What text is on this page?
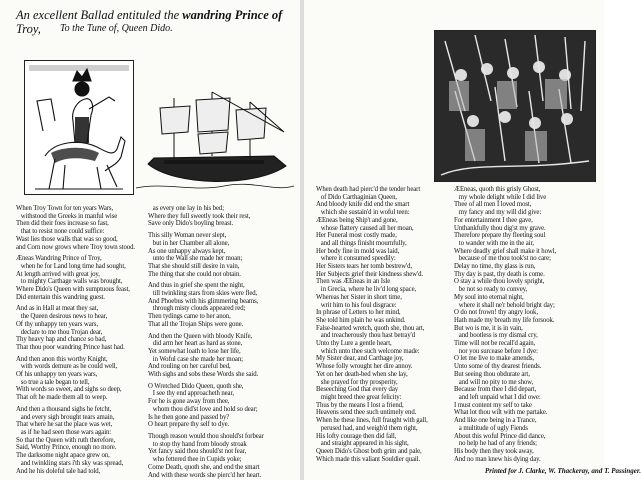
An excellent Ballad entituled the wandring Prince of Troy,	To the Tune of, Queen Dido.
When Troy Town for ten years Wars,
withstood the Greeks in manful wise
Then did their foes increase so fast,
that to resist none could suffice:
Wast lies those walls that was so good,
and Corn now grows where Troy town stood.

Æneas Wandring Prince of Troy,
when he for Land long time had sought,
At length arrived with great joy,
to mighty Carthage walls was brought,
Where Dido's Queen with sumptuous feast,
Did entertain this wandring guest.

And as in Hall at meat they sat,
the Queen desirous news to hear,
Of thy unhappy ten years wars,
declare to me thou Trojan dear,
Thy heavy hap and chance so bad,
That thou poor wandring Prince hast had.

And then anon this worthy Knight,
with words demure as he could well,
Of his unhappy ten years wars,
so true a tale began to tell,
With words so sweet, and sighs so deep,
That oft he made them all to weep.

And then a thousand sighs he fetcht,
and every sigh brought tears amain,
That where he sat the place was wet,
as if he had seen those wars again:
So that the Queen with ruth therefore,
Said, Worthy Prince, enough no more.
The darksome night apace grew on,
and twinkling stars i'th sky was spread,
And he his doleful tale had told,
as every one lay in his bed;
Where they full sweetly took their rest,
Save only Dido's boyling breast.

This silly Woman never slept,
but in her Chamber all alone,
As one unhappy always kept,
unto the Wall she made her moan;
That she should still desire in vain,
The thing that she could not obtain.

And thus in grief she spent the night,
till twinkling stars from skies were fled,
And Phoebus with his glimmering beams,
through misty clouds appeared red;
Then tydings came to her anon,
That all the Trojan Ships were gone.

And then the Queen with bloody Knife,
did arm her heart as hard as stone,
Yet somewhat loath to lose her life,
in Woful case she made her moan;
And rouling on her careful bed,
With sighs and sobs these Words she said.

O Wretched Dido Queen, quoth she,
I see thy end approacheth near,
For he is gone away from thee,
whom thou did'st love and hold so dear;
Is he then gone and passed by?
O heart prepare thy self to dye.

Though reason would thou should'st forbear
to stop thy hand from bloody stroak
Yet fancy said thou should'st not fear,
who fettered thee in Cupids yoke;
Come Death, quoth she, and end the smart
And with these words she pierc'd her heart.
When death had pierc'd the tender heart
of Dido Carthaginian Queen,
And bloody knife did end the smart
which she sustain'd in woful teen:
ÆEneas being Ship't and gone,
whose flattery caused all her moan,
Her Funeral most costly made,
and all things finisht mournfully,
Her body fine in mold was laid,
where it consumed speedily:
Her Sisters tears her tomb bestrew'd,
Her Subjects grief their kindness shew'd.
Then was ÆEneas in an Isle
in Grecia, where he liv'd long space,
Whereas her Sister in short time,
writ him to his foul disgrace:
In phrase of Letters to her mind,
She told him plain he was unkind.
False-hearted wretch, quoth she, thou art,
and treacherously thou hast betray'd
Unto thy Lure a gentle heart,
which unto thee such welcome made:
My Sister dear, and Carthage joy,
Whose folly wrought her dire annoy.
Yet on her death-bed when she lay,
she prayed for thy prosperity,
Beseeching God that every day
might breed thee great felicity:
Thus by the means I lost a friend,
Heavens send thee such untimely end.
When he these lines, full fraught with gall,
perused had, and weigh'd them right,
His lofty courage then did fall,
and straight appeared in his sight,
Queen Dido's Ghost both grim and pale,
Which made this valiant Souldier quail.
ÆEneas, quoth this grisly Ghost,
my whole delight while I did live
Thee of all men I loved most,
my fancy and my will did give:
For entertainment I thee gave,
Unthankfully thou dig'st my grave.
Therefore prepare thy fleeting soul
to wander with me in the air,
Where deadly grief shall make it howl,
because of me thou took'st no care;
Delay no time, thy glass is run,
Thy day is past, thy death is come.
O stay a while thou lovely spright,
be not so ready to convey,
My soul into eternal night,
where it shall ne'r behold bright day;
O do not frown! thy angry look,
Hath made my breath my life forsook.
But wo is me, it is in vain,
and bootless is my dismal cry,
Time will not be recall'd again,
nor you surcease before I dye:
O let me live to make amends,
Unto some of thy dearest friends.
But seeing thou obdurate art,
and will no pity to me show,
Because from thee I did depart,
and left unpaid what I did owe:
I must content my self to take
What lot thou wilt with me partake.
And like one being in a Trance,
a multitude of ugly Fiends
About this woful Prince did dance,
no help he had of any friends;
His body then they took away,
And no man knew his dying day.
Printed for J. Clarke, W. Thackeray, and T. Passinger.
